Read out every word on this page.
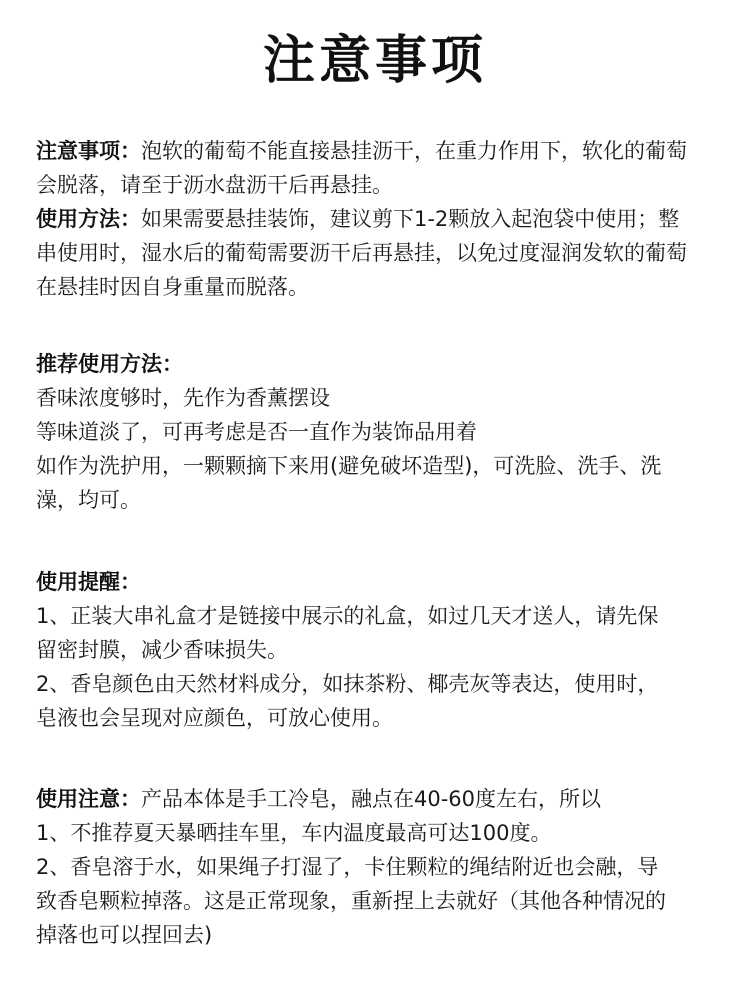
注意事项

注意事项：泡软的葡萄不能直接悬挂沥干，在重力作用下，软化的葡萄

会脱落，请至于沥水盘沥干后再悬挂。

使用方法：如果需要悬挂装饰，建议剪下1-2颗放入起泡袋中使用；整

串使用时，湿水后的葡萄需要沥干后再悬挂，以免过度湿润发软的葡萄

在悬挂时因自身重量而脱落。

推荐使用方法：

香味浓度够时，先作为香薰摆设

等味道淡了，可再考虑是否一直作为装饰品用着

如作为洗护用，一颗颗摘下来用(避免破坏造型)，可洗脸、洗手、洗

澡，均可。

使用提醒：

1、正装大串礼盒才是链接中展示的礼盒，如过几天才送人，请先保

留密封膜，减少香味损失。

2、香皂颜色由天然材料成分，如抹茶粉、椰壳灰等表达，使用时，

皂液也会呈现对应颜色，可放心使用。

使用注意：产品本体是手工冷皂，融点在40-60度左右，所以

1、不推荐夏天暴晒挂车里，车内温度最高可达100度。

2、香皂溶于水，如果绳子打湿了，卡住颗粒的绳结附近也会融，导

致香皂颗粒掉落。这是正常现象，重新捏上去就好（其他各种情况的

掉落也可以捏回去)
